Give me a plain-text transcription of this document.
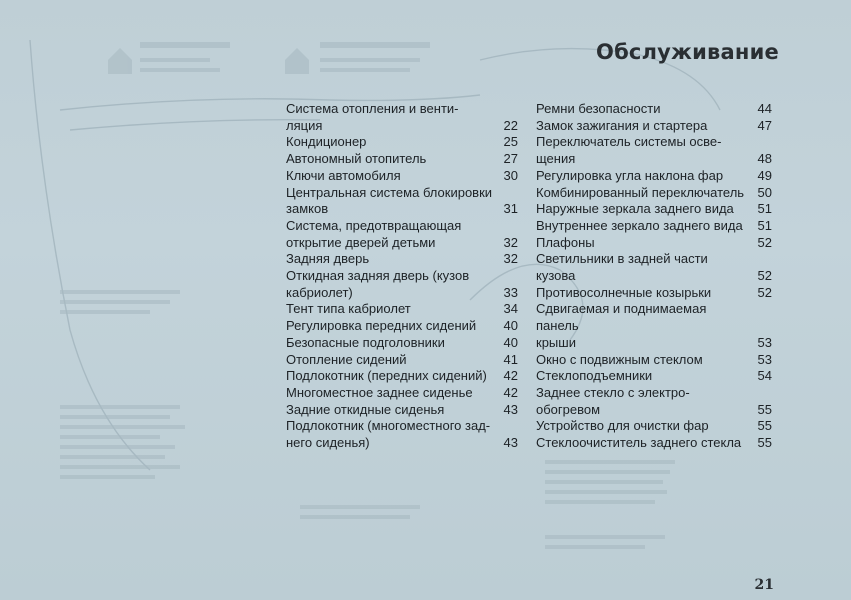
Обслуживание
Система отопления и венти-
ляция	22
Кондиционер	25
Автономный отопитель	27
Ключи автомобиля	30
Центральная система блокировки
замков	31
Система, предотвращающая
открытие дверей детьми	32
Задняя дверь	32
Откидная задняя дверь (кузов
кабриолет)	33
Тент типа кабриолет	34
Регулировка передних сидений	40
Безопасные подголовники	40
Отопление сидений	41
Подлокотник (передних сидений)	42
Многоместное заднее сиденье	42
Задние откидные сиденья	43
Подлокотник (многоместного зад-
него сиденья)	43
Ремни безопасности	44
Замок зажигания и стартера	47
Переключатель системы осве-
щения	48
Регулировка угла наклона фар	49
Комбинированный переключатель	50
Наружные зеркала заднего вида	51
Внутреннее зеркало заднего вида	51
Плафоны	52
Светильники в задней части
кузова	52
Противосолнечные козырьки	52
Сдвигаемая и поднимаемая панель
крыши	53
Окно с подвижным стеклом	53
Стеклоподъемники	54
Заднее стекло с электро-
обогревом	55
Устройство для очистки фар	55
Стеклоочиститель заднего стекла	55
21
